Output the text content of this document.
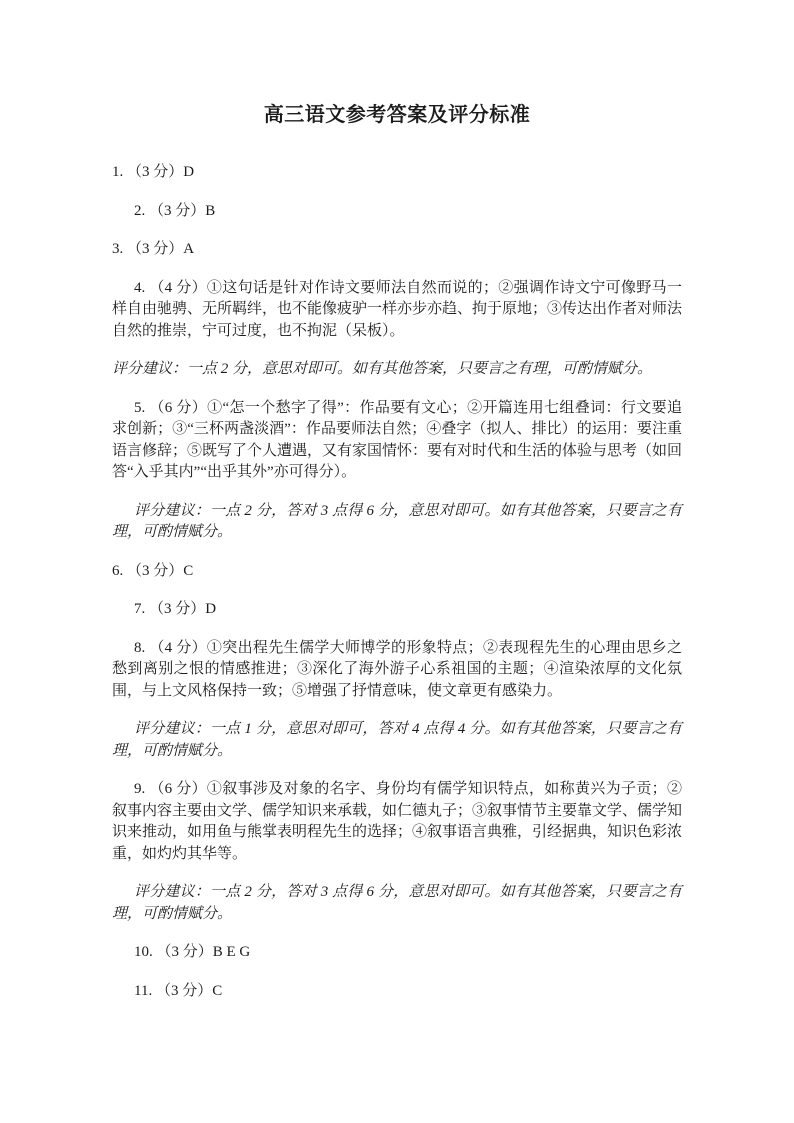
高三语文参考答案及评分标准

1. （3 分）D

2. （3 分）B

3. （3 分）A

4. （4 分）①这句话是针对作诗文要师法自然而说的；②强调作诗文宁可像野马一样自由驰骋、无所羁绊，也不能像疲驴一样亦步亦趋、拘于原地；③传达出作者对师法自然的推崇，宁可过度，也不拘泥（呆板）。

评分建议：一点 2 分，意思对即可。如有其他答案，只要言之有理，可酌情赋分。

5. （6 分）①“怎一个愁字了得”：作品要有文心；②开篇连用七组叠词：行文要追求创新；③“三杯两盏淡酒”：作品要师法自然；④叠字（拟人、排比）的运用：要注重语言修辞；⑤既写了个人遭遇，又有家国情怀：要有对时代和生活的体验与思考（如回答“入乎其内”“出乎其外”亦可得分）。

评分建议：一点 2 分，答对 3 点得 6 分，意思对即可。如有其他答案，只要言之有理，可酌情赋分。

6. （3 分）C

7. （3 分）D

8. （4 分）①突出程先生儒学大师博学的形象特点；②表现程先生的心理由思乡之愁到离别之恨的情感推进；③深化了海外游子心系祖国的主题；④渲染浓厚的文化氛围，与上文风格保持一致；⑤增强了抒情意味，使文章更有感染力。

评分建议：一点 1 分，意思对即可，答对 4 点得 4 分。如有其他答案，只要言之有理，可酌情赋分。

9. （6 分）①叙事涉及对象的名字、身份均有儒学知识特点，如称黄兴为子贡；②叙事内容主要由文学、儒学知识来承载，如仁德丸子；③叙事情节主要靠文学、儒学知识来推动，如用鱼与熊掌表明程先生的选择；④叙事语言典雅，引经据典，知识色彩浓重，如灼灼其华等。

评分建议：一点 2 分，答对 3 点得 6 分，意思对即可。如有其他答案，只要言之有理，可酌情赋分。

10. （3 分）B E G

11. （3 分）C
